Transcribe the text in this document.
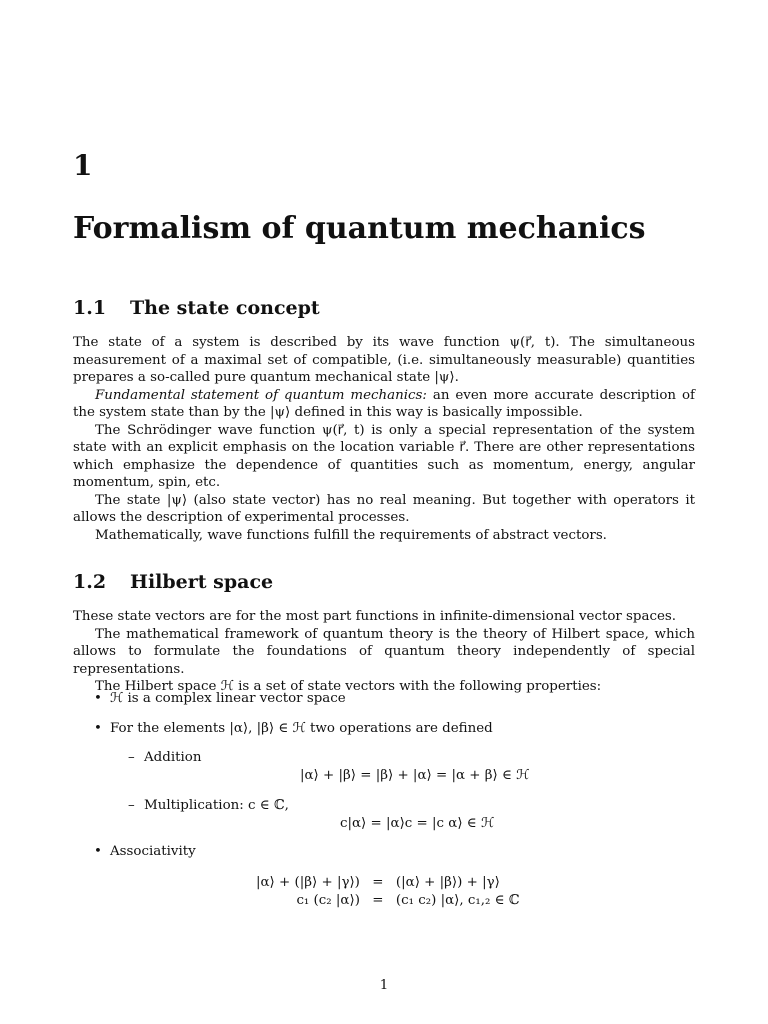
1
Formalism of quantum mechanics
1.1 The state concept

The state of a system is described by its wave function ψ(r⃗, t). The simultaneous measurement of a maximal set of compatible, (i.e. simultaneously measurable) quantities prepares a so-called pure quantum mechanical state |ψ⟩.

Fundamental statement of quantum mechanics: an even more accurate description of the system state than by the |ψ⟩ defined in this way is basically impossible.

The Schrödinger wave function ψ(r⃗, t) is only a special representation of the system state with an explicit emphasis on the location variable r⃗. There are other representations which emphasize the dependence of quantities such as momentum, energy, angular momentum, spin, etc.

The state |ψ⟩ (also state vector) has no real meaning. But together with operators it allows the description of experimental processes.

Mathematically, wave functions fulfill the requirements of abstract vectors.

1.2 Hilbert space

These state vectors are for the most part functions in infinite-dimensional vector spaces.

The mathematical framework of quantum theory is the theory of Hilbert space, which allows to formulate the foundations of quantum theory independently of special representations.

The Hilbert space ℋ is a set of state vectors with the following properties:

• ℋ is a complex linear vector space
• For the elements |α⟩, |β⟩ ∈ ℋ two operations are defined
– Addition
|α⟩ + |β⟩ = |β⟩ + |α⟩ = |α + β⟩ ∈ ℋ
– Multiplication: c ∈ ℂ,
c|α⟩ = |α⟩c = |c α⟩ ∈ ℋ
• Associativity
|α⟩ + (|β⟩ + |γ⟩)	=	(|α⟩ + |β⟩) + |γ⟩
c₁ (c₂ |α⟩)	=	(c₁ c₂) |α⟩, c₁,₂ ∈ ℂ
1
